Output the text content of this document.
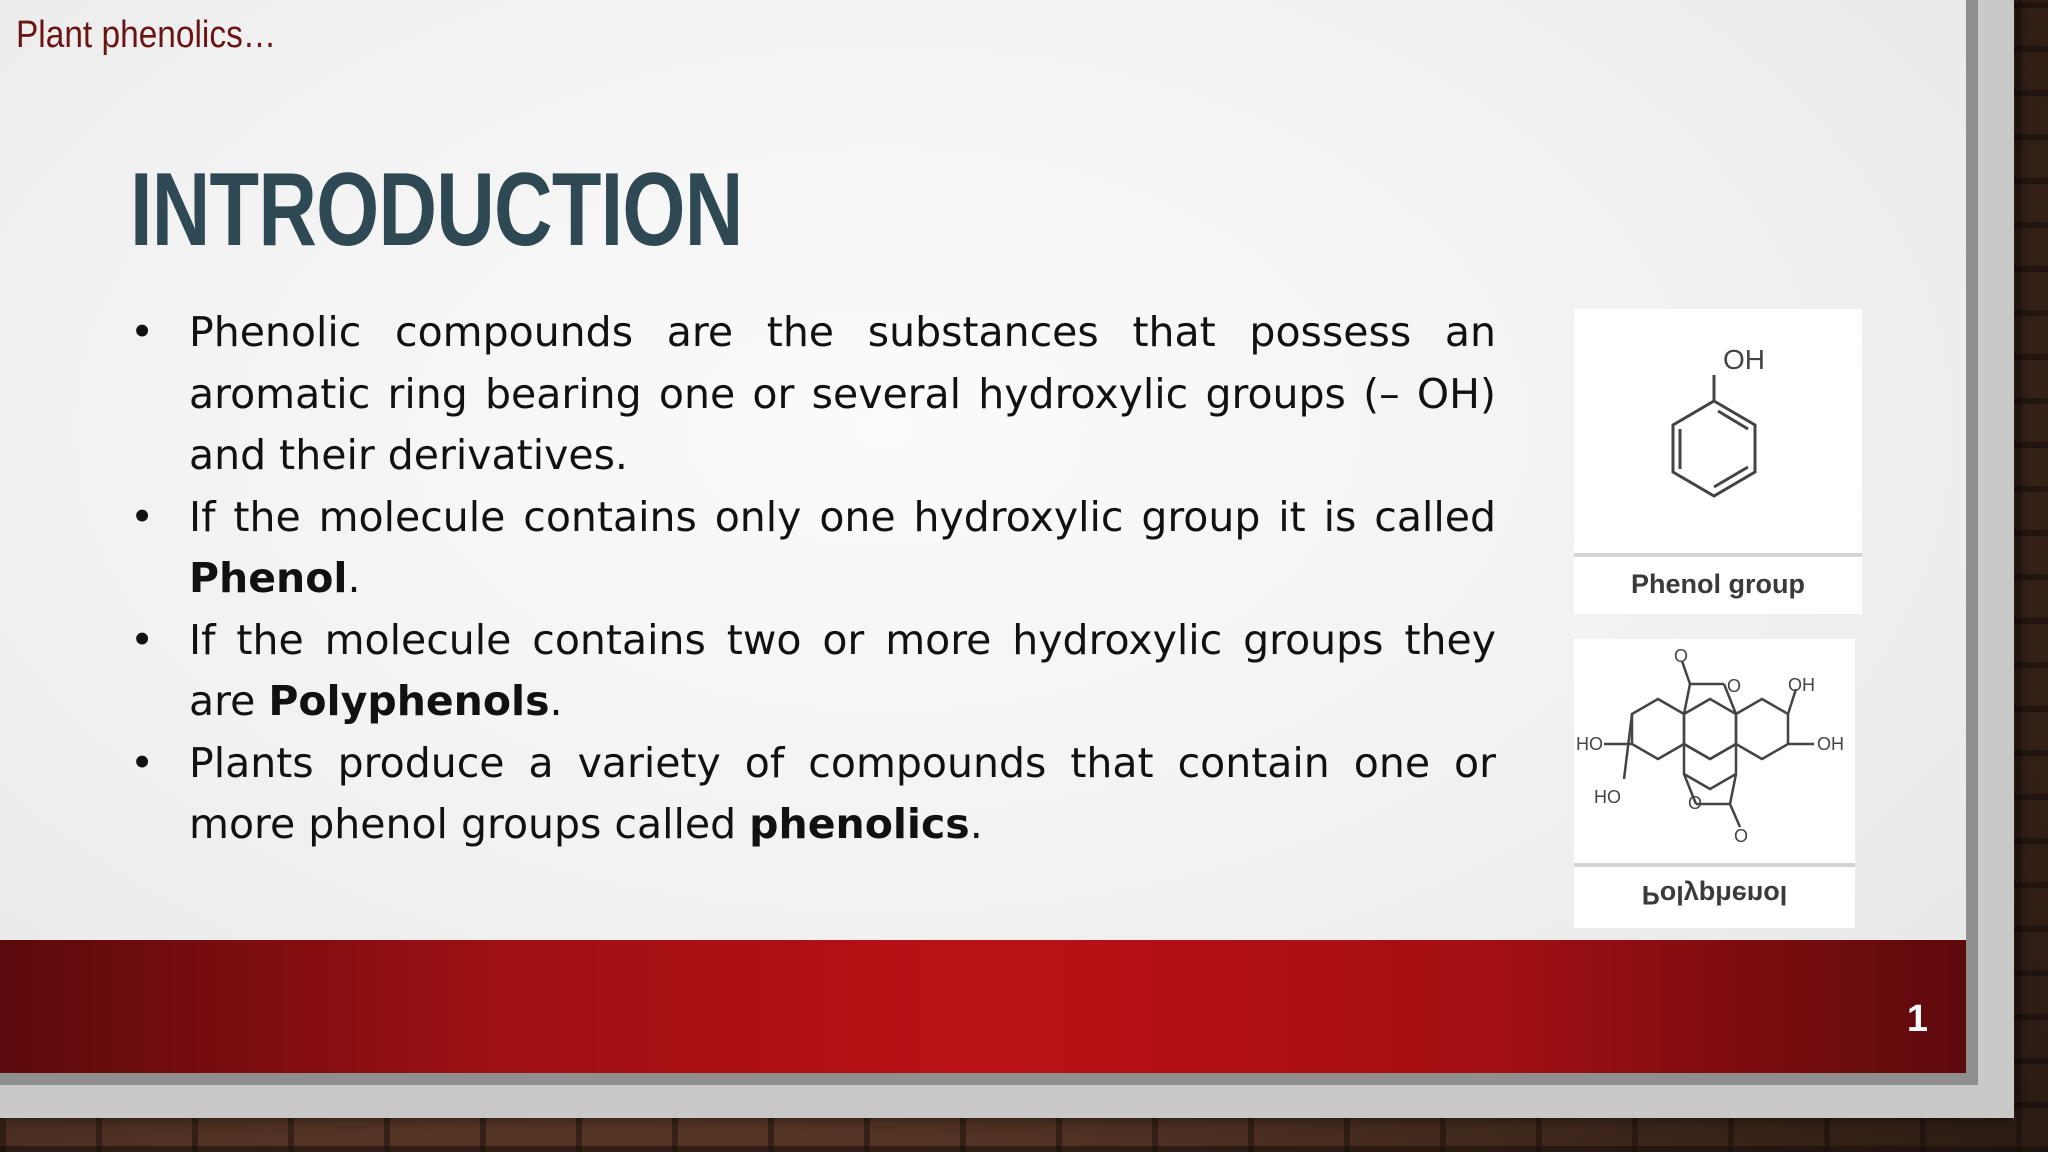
Plant phenolics…
INTRODUCTION
• Phenolic compounds are the substances that possess an aromatic ring bearing one or several hydroxylic groups (– OH) and their derivatives.
• If the molecule contains only one hydroxylic group it is called Phenol.
• If the molecule contains two or more hydroxylic groups they are Polyphenols.
• Plants produce a variety of compounds that contain one or more phenol groups called phenolics.
OH
Phenol group
O
O	OH
HO	OH
HO	O
O
Polyphenol
1
